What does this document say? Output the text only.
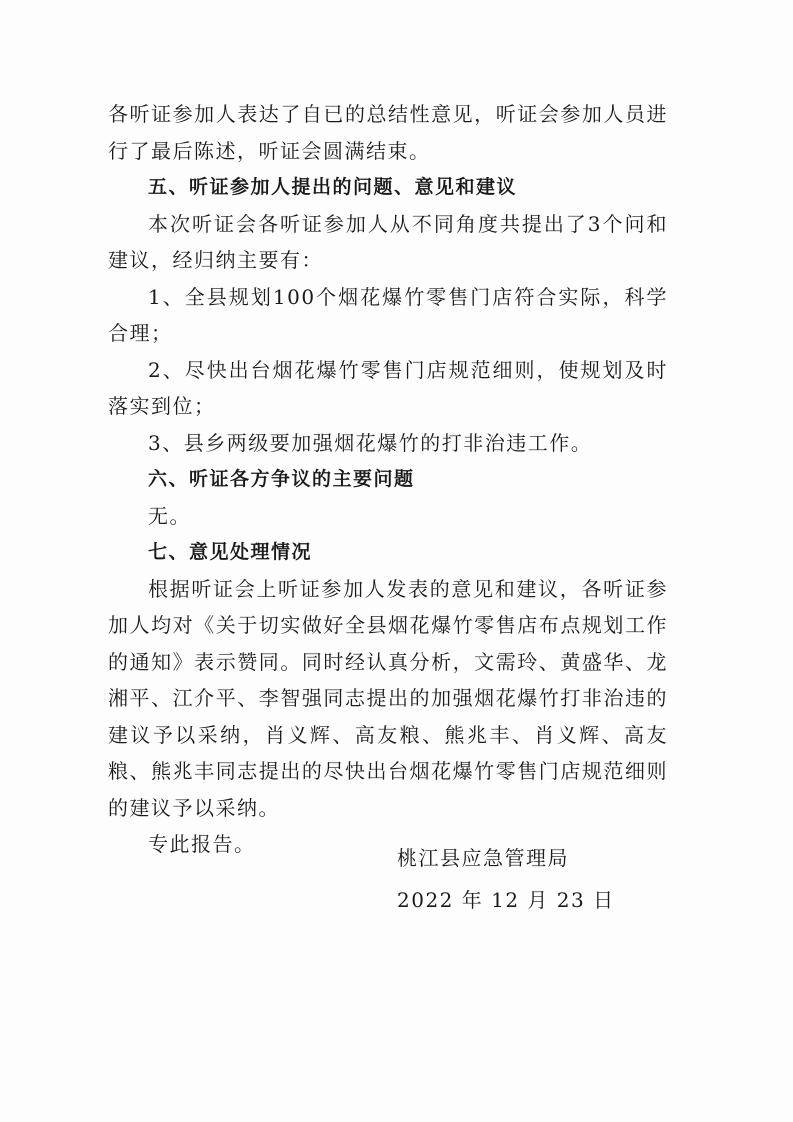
各听证参加人表达了自已的总结性意见，听证会参加人员进行了最后陈述，听证会圆满结束。

五、听证参加人提出的问题、意见和建议

本次听证会各听证参加人从不同角度共提出了3个问和建议，经归纳主要有：

1、全县规划100个烟花爆竹零售门店符合实际，科学合理；

2、尽快出台烟花爆竹零售门店规范细则，使规划及时落实到位；

3、县乡两级要加强烟花爆竹的打非治违工作。

六、听证各方争议的主要问题

无。

七、意见处理情况

根据听证会上听证参加人发表的意见和建议，各听证参加人均对《关于切实做好全县烟花爆竹零售店布点规划工作的通知》表示赞同。同时经认真分析，文需玲、黄盛华、龙湘平、江介平、李智强同志提出的加强烟花爆竹打非治违的建议予以采纳，肖义辉、高友粮、熊兆丰、肖义辉、高友粮、熊兆丰同志提出的尽快出台烟花爆竹零售门店规范细则的建议予以采纳。

专此报告。

桃江县应急管理局

2022 年 12 月 23 日
